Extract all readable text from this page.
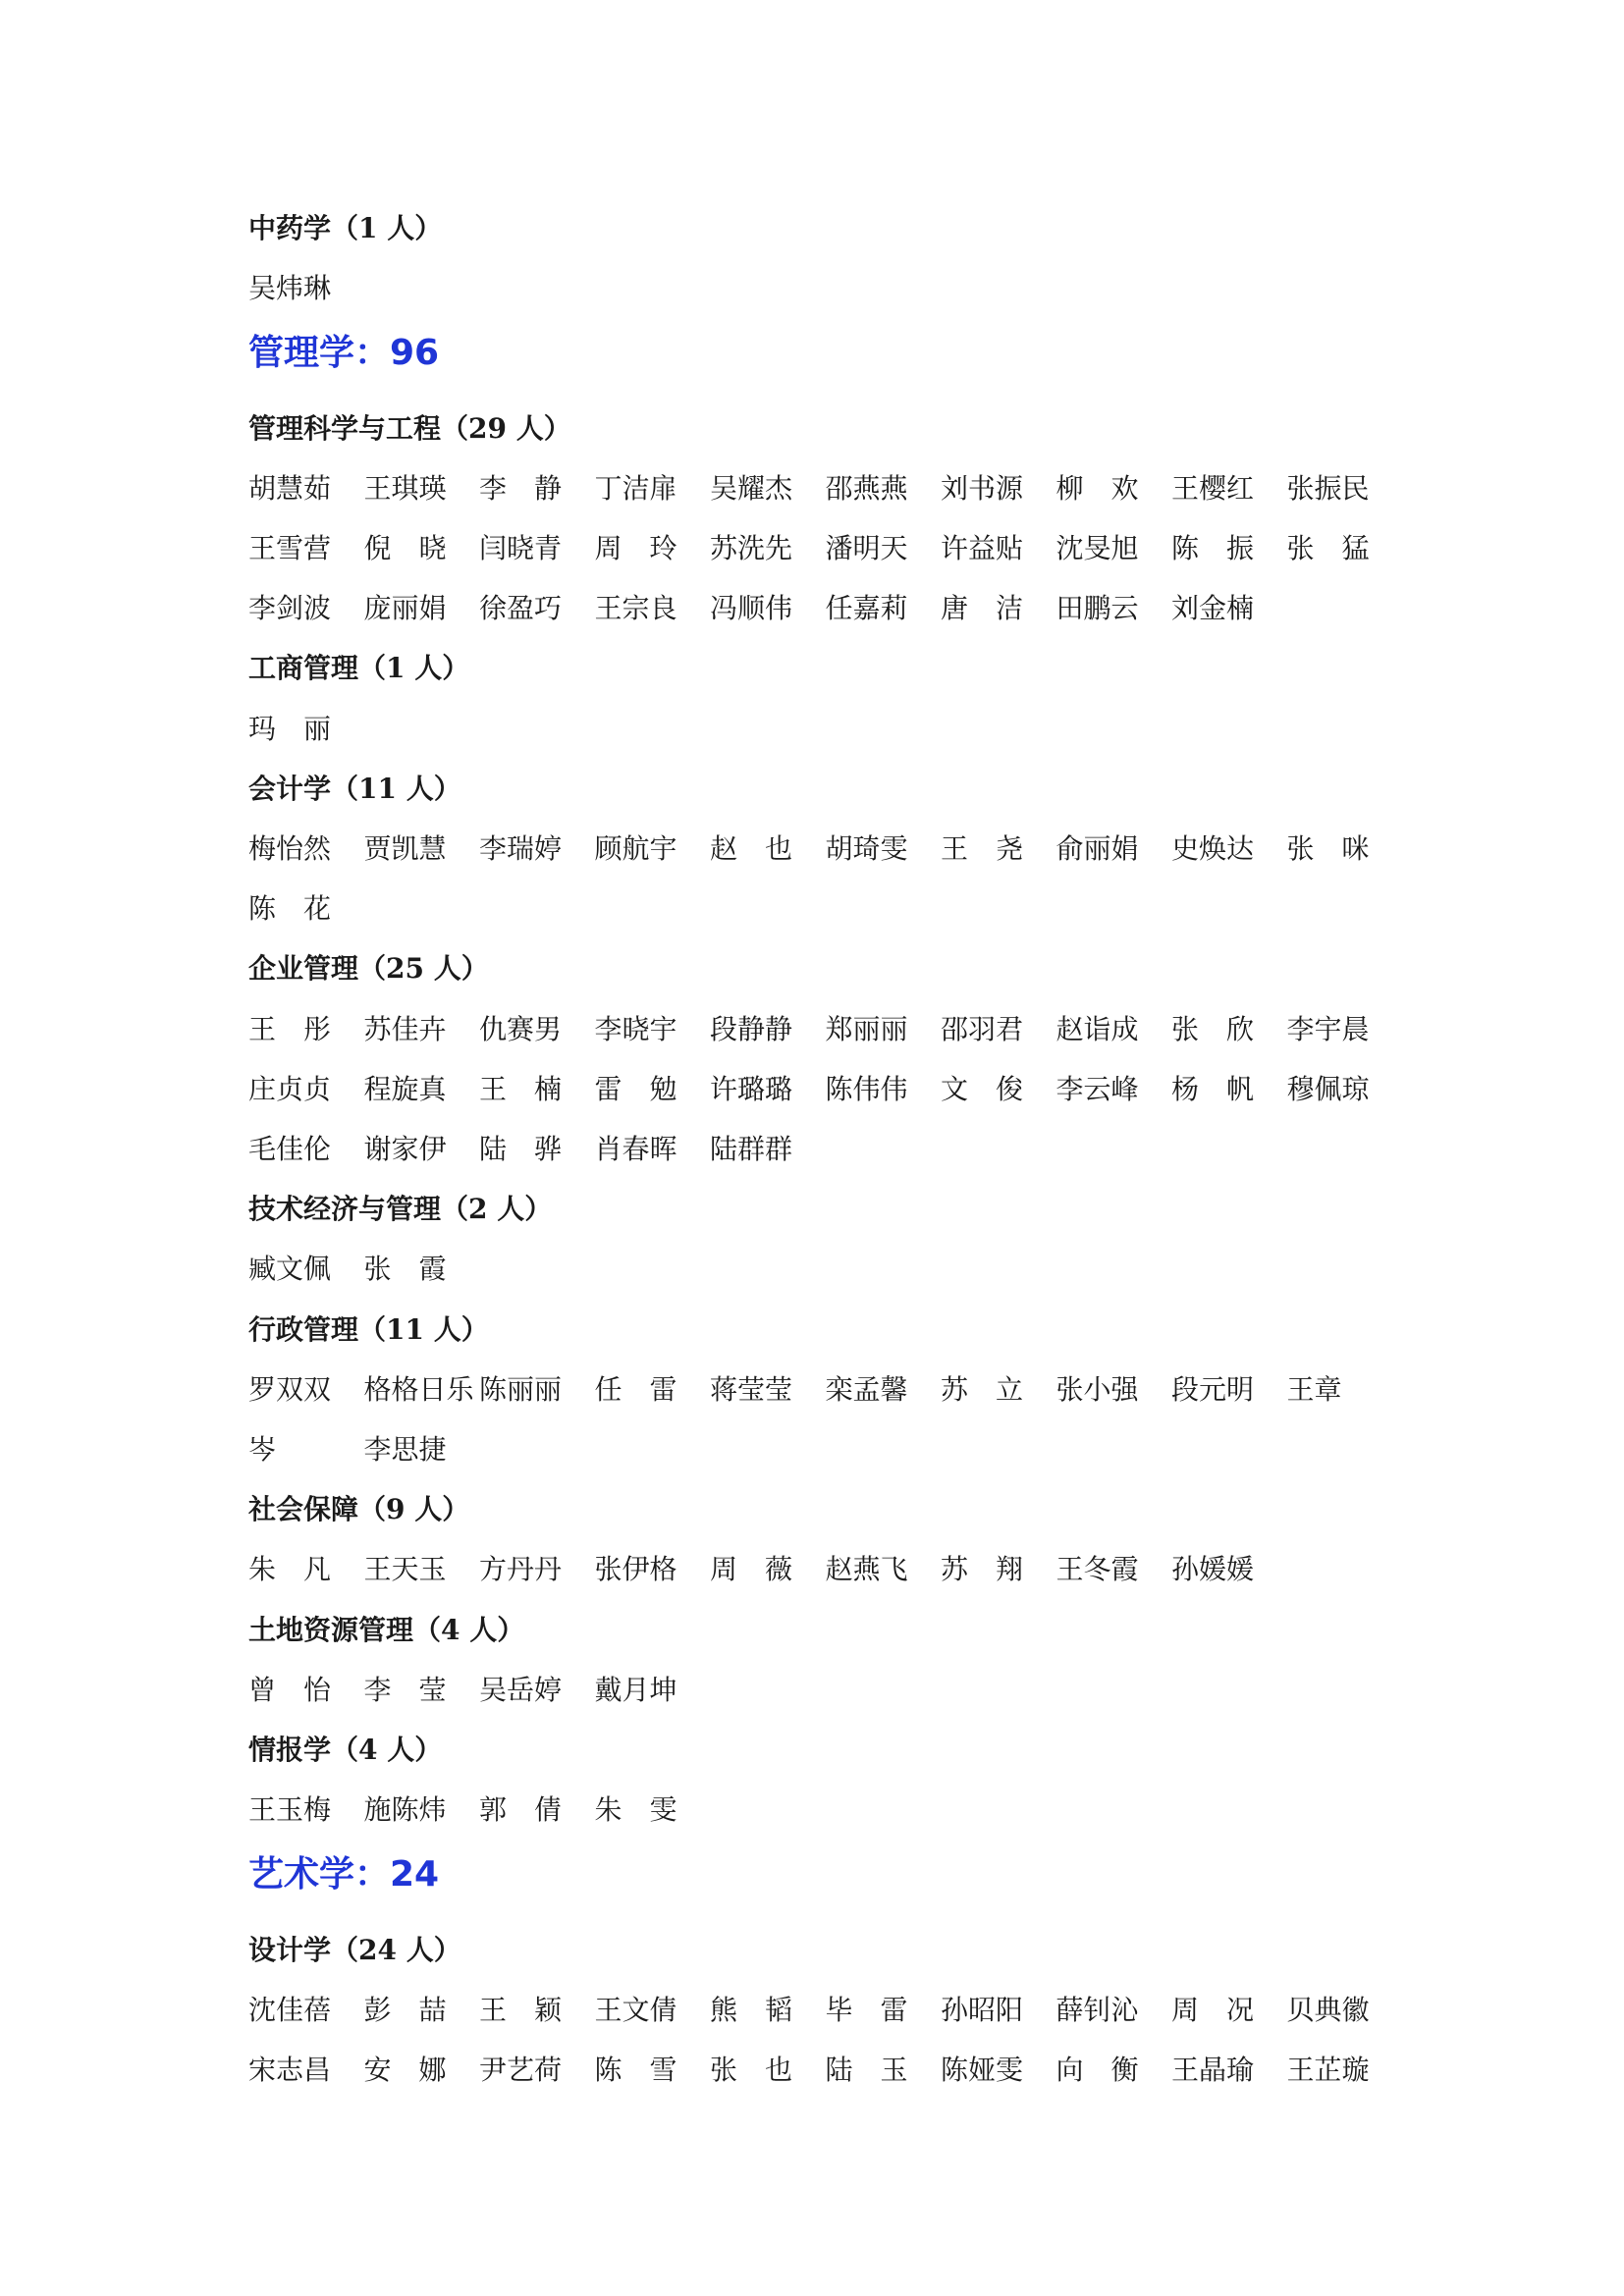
中药学（1 人）
吴炜琳
管理学：96
管理科学与工程（29 人）
胡慧茹 王琪瑛 李　静 丁洁扉 吴耀杰 邵燕燕 刘书源 柳　欢 王樱红 张振民
王雪营 倪　晓 闫晓青 周　玲 苏洗先 潘明天 许益贴 沈旻旭 陈　振 张　猛
李剑波 庞丽娟 徐盈巧 王宗良 冯顺伟 任嘉莉 唐　洁 田鹏云 刘金楠
工商管理（1 人）
玛　丽
会计学（11 人）
梅怡然 贾凯慧 李瑞婷 顾航宇 赵　也 胡琦雯 王　尧 俞丽娟 史焕达 张　咪
陈　花
企业管理（25 人）
王　彤 苏佳卉 仇赛男 李晓宇 段静静 郑丽丽 邵羽君 赵诣成 张　欣 李宇晨
庄贞贞 程旋真 王　楠 雷　勉 许璐璐 陈伟伟 文　俊 李云峰 杨　帆 穆佩琼
毛佳伦 谢家伊 陆　骅 肖春晖 陆群群
技术经济与管理（2 人）
臧文佩 张　霞
行政管理（11 人）
罗双双 格格日乐 陈丽丽 任　雷 蒋莹莹 栾孟馨 苏　立 张小强 段元明 王章
岑	李思捷
社会保障（9 人）
朱　凡 王天玉 方丹丹 张伊格 周　薇 赵燕飞 苏　翔 王冬霞 孙媛媛
土地资源管理（4 人）
曾　怡 李　莹 吴岳婷 戴月坤
情报学（4 人）
王玉梅 施陈炜 郭　倩 朱　雯
艺术学：24
设计学（24 人）
沈佳蓓 彭　喆 王　颖 王文倩 熊　韬 毕　雷 孙昭阳 薛钊沁 周　况 贝典徽
宋志昌 安　娜 尹艺荷 陈　雪 张　也 陆　玉 陈娅雯 向　衡 王晶瑜 王芷璇
